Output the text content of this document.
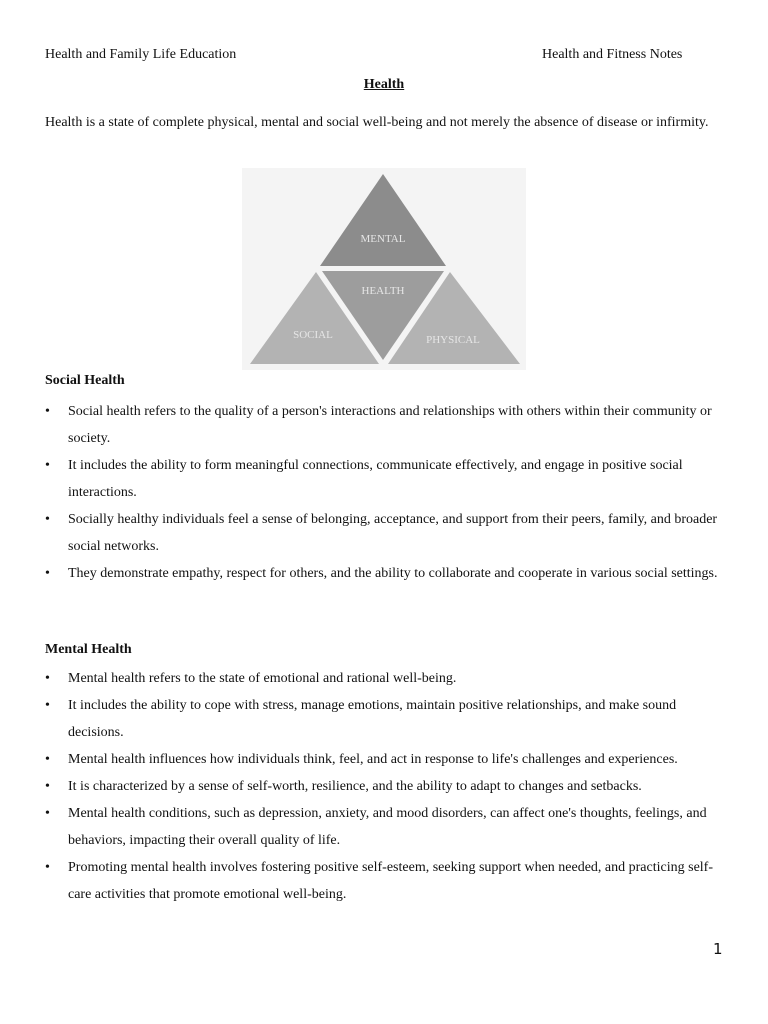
Health and Family Life Education	Health and Fitness Notes
Health
Health is a state of complete physical, mental and social well-being and not merely the absence of disease or infirmity.
MENTAL
HEALTH
SOCIAL	PHYSICAL
Social Health
• Social health refers to the quality of a person's interactions and relationships with others within their community or society.
• It includes the ability to form meaningful connections, communicate effectively, and engage in positive social interactions.
• Socially healthy individuals feel a sense of belonging, acceptance, and support from their peers, family, and broader social networks.
• They demonstrate empathy, respect for others, and the ability to collaborate and cooperate in various social settings.
Mental Health
• Mental health refers to the state of emotional and rational well-being.
• It includes the ability to cope with stress, manage emotions, maintain positive relationships, and make sound decisions.
• Mental health influences how individuals think, feel, and act in response to life's challenges and experiences.
• It is characterized by a sense of self-worth, resilience, and the ability to adapt to changes and setbacks.
• Mental health conditions, such as depression, anxiety, and mood disorders, can affect one's thoughts, feelings, and behaviors, impacting their overall quality of life.
• Promoting mental health involves fostering positive self-esteem, seeking support when needed, and practicing self-care activities that promote emotional well-being.
1
